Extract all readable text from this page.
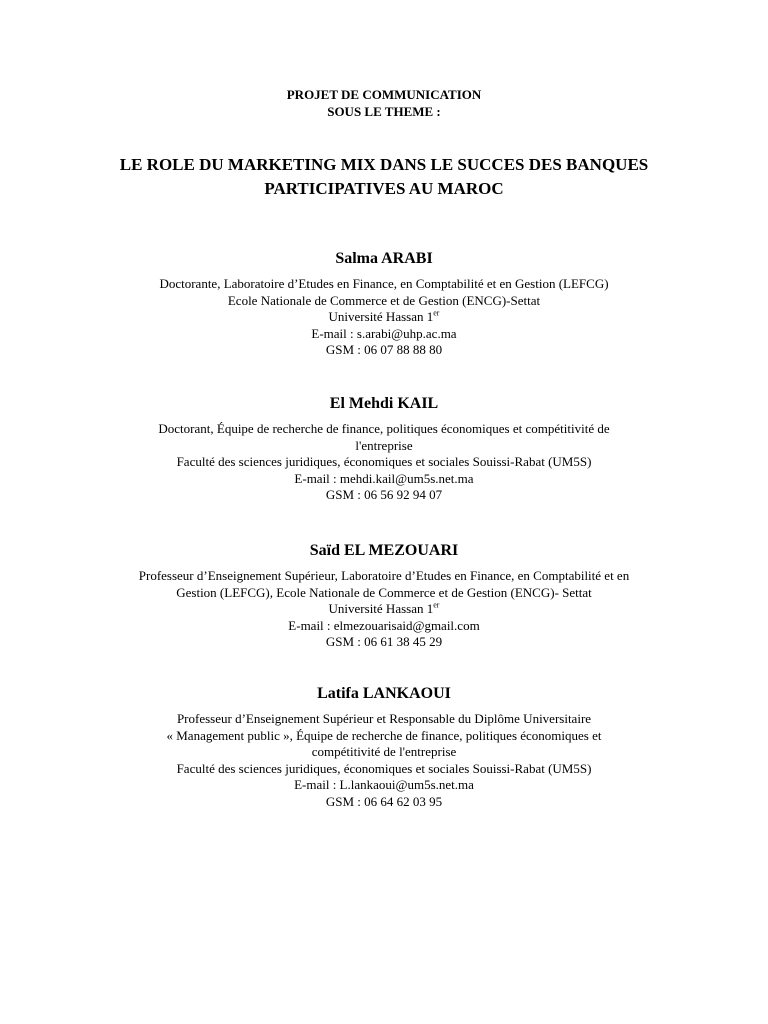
PROJET DE COMMUNICATION
SOUS LE THEME :
LE ROLE DU MARKETING MIX DANS LE SUCCES DES BANQUES
PARTICIPATIVES AU MAROC
Salma ARABI
Doctorante, Laboratoire d’Etudes en Finance, en Comptabilité et en Gestion (LEFCG)
Ecole Nationale de Commerce et de Gestion (ENCG)-Settat
Université Hassan 1er
E-mail : s.arabi@uhp.ac.ma
GSM : 06 07 88 88 80
El Mehdi KAIL
Doctorant, Équipe de recherche de finance, politiques économiques et compétitivité de
l'entreprise
Faculté des sciences juridiques, économiques et sociales Souissi-Rabat (UM5S)
E-mail : mehdi.kail@um5s.net.ma
GSM : 06 56 92 94 07
Saïd EL MEZOUARI
Professeur d’Enseignement Supérieur, Laboratoire d’Etudes en Finance, en Comptabilité et en
Gestion (LEFCG), Ecole Nationale de Commerce et de Gestion (ENCG)- Settat
Université Hassan 1er
E-mail : elmezouarisaid@gmail.com
GSM : 06 61 38 45 29
Latifa LANKAOUI
Professeur d’Enseignement Supérieur et Responsable du Diplôme Universitaire
« Management public », Équipe de recherche de finance, politiques économiques et
compétitivité de l'entreprise
Faculté des sciences juridiques, économiques et sociales Souissi-Rabat (UM5S)
E-mail : L.lankaoui@um5s.net.ma
GSM : 06 64 62 03 95
